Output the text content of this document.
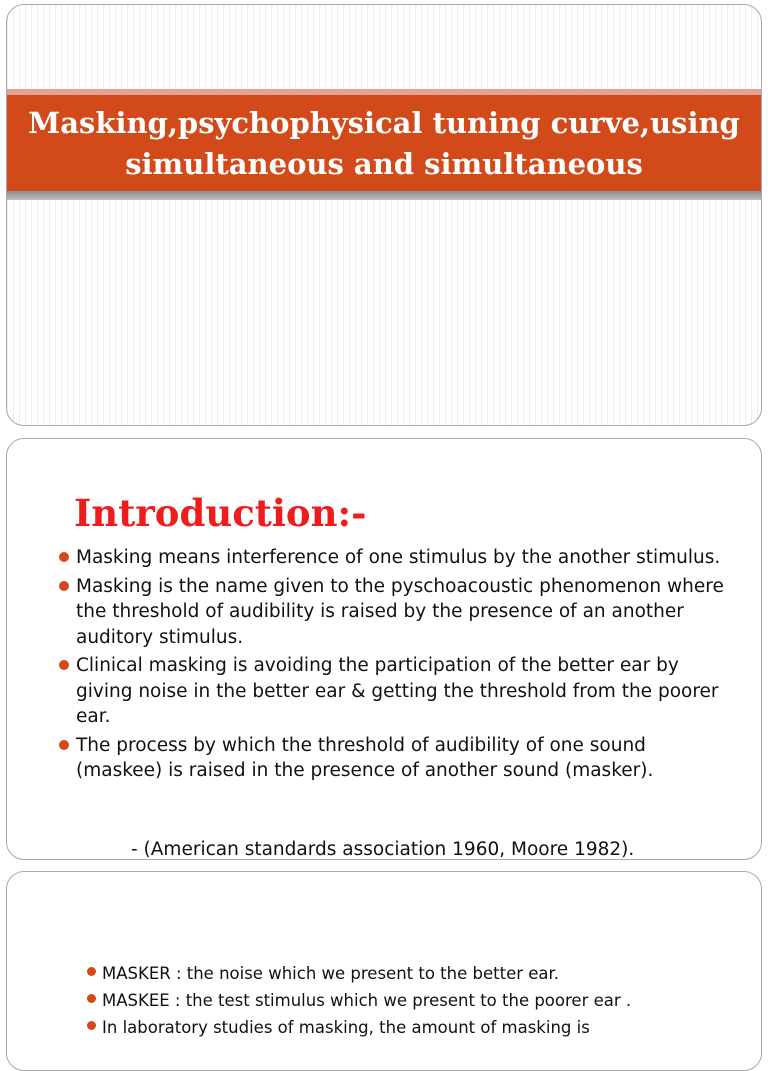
Masking,psychophysical tuning curve,using
simultaneous and simultaneous
Introduction:-
Masking means interference of one stimulus by the another stimulus.
Masking is the name given to the pyschoacoustic phenomenon where the threshold of audibility is raised by the presence of an another auditory stimulus.
Clinical masking is avoiding the participation of the better ear by giving noise in the better ear & getting the threshold from the poorer ear.
The process by which the threshold of audibility of one sound (maskee) is raised in the presence of another sound (masker).
- (American standards association 1960, Moore 1982).
MASKER : the noise which we present to the better ear.
MASKEE : the test stimulus which we present to the poorer ear .
In laboratory studies of masking, the amount of masking is
